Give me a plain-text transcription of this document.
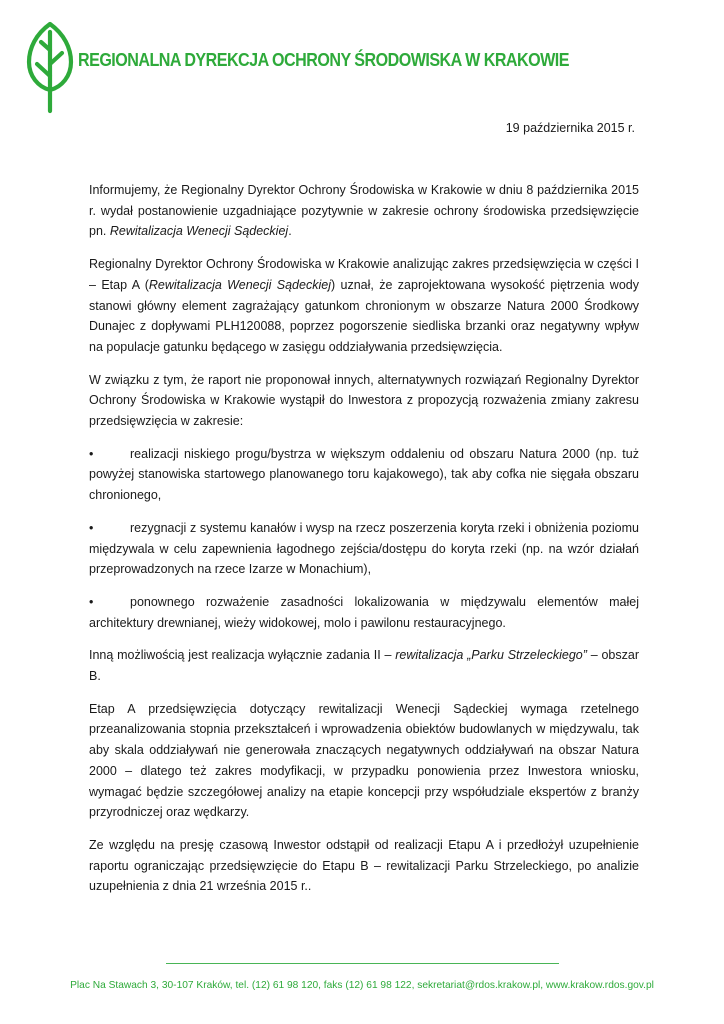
REGIONALNA DYREKCJA OCHRONY ŚRODOWISKA W KRAKOWIE
19 października 2015 r.

Informujemy, że Regionalny Dyrektor Ochrony Środowiska w Krakowie w dniu 8 października 2015 r. wydał postanowienie uzgadniające pozytywnie w zakresie ochrony środowiska przedsięwzięcie pn. Rewitalizacja Wenecji Sądeckiej.

Regionalny Dyrektor Ochrony Środowiska w Krakowie analizując zakres przedsięwzięcia w części I – Etap A (Rewitalizacja Wenecji Sądeckiej) uznał, że zaprojektowana wysokość piętrzenia wody stanowi główny element zagrażający gatunkom chronionym w obszarze Natura 2000 Środkowy Dunajec z dopływami PLH120088, poprzez pogorszenie siedliska brzanki oraz negatywny wpływ na populacje gatunku będącego w zasięgu oddziaływania przedsięwzięcia.

W związku z tym, że raport nie proponował innych, alternatywnych rozwiązań Regionalny Dyrektor Ochrony Środowiska w Krakowie wystąpił do Inwestora z propozycją rozważenia zmiany zakresu przedsięwzięcia w zakresie:

•	realizacji niskiego progu/bystrza w większym oddaleniu od obszaru Natura 2000 (np. tuż powyżej stanowiska startowego planowanego toru kajakowego), tak aby cofka nie sięgała obszaru chronionego,

•	rezygnacji z systemu kanałów i wysp na rzecz poszerzenia koryta rzeki i obniżenia poziomu międzywala w celu zapewnienia łagodnego zejścia/dostępu do koryta rzeki (np. na wzór działań przeprowadzonych na rzece Izarze w Monachium),

•	ponownego rozważenie zasadności lokalizowania w międzywalu elementów małej architektury drewnianej, wieży widokowej, molo i pawilonu restauracyjnego.

Inną możliwością jest realizacja wyłącznie zadania II – rewitalizacja „Parku Strzeleckiego” – obszar B.

Etap A przedsięwzięcia dotyczący rewitalizacji Wenecji Sądeckiej wymaga rzetelnego przeanalizowania stopnia przekształceń i wprowadzenia obiektów budowlanych w międzywalu, tak aby skala oddziaływań nie generowała znaczących negatywnych oddziaływań na obszar Natura 2000 – dlatego też zakres modyfikacji, w przypadku ponowienia przez Inwestora wniosku, wymagać będzie szczegółowej analizy na etapie koncepcji przy współudziale ekspertów z branży przyrodniczej oraz wędkarzy.

Ze względu na presję czasową Inwestor odstąpił od realizacji Etapu A i przedłożył uzupełnienie raportu ograniczając przedsięwzięcie do Etapu B – rewitalizacji Parku Strzeleckiego, po analizie uzupełnienia z dnia 21 września 2015 r..

Plac Na Stawach 3, 30-107 Kraków, tel. (12) 61 98 120, faks (12) 61 98 122, sekretariat@rdos.krakow.pl, www.krakow.rdos.gov.pl
